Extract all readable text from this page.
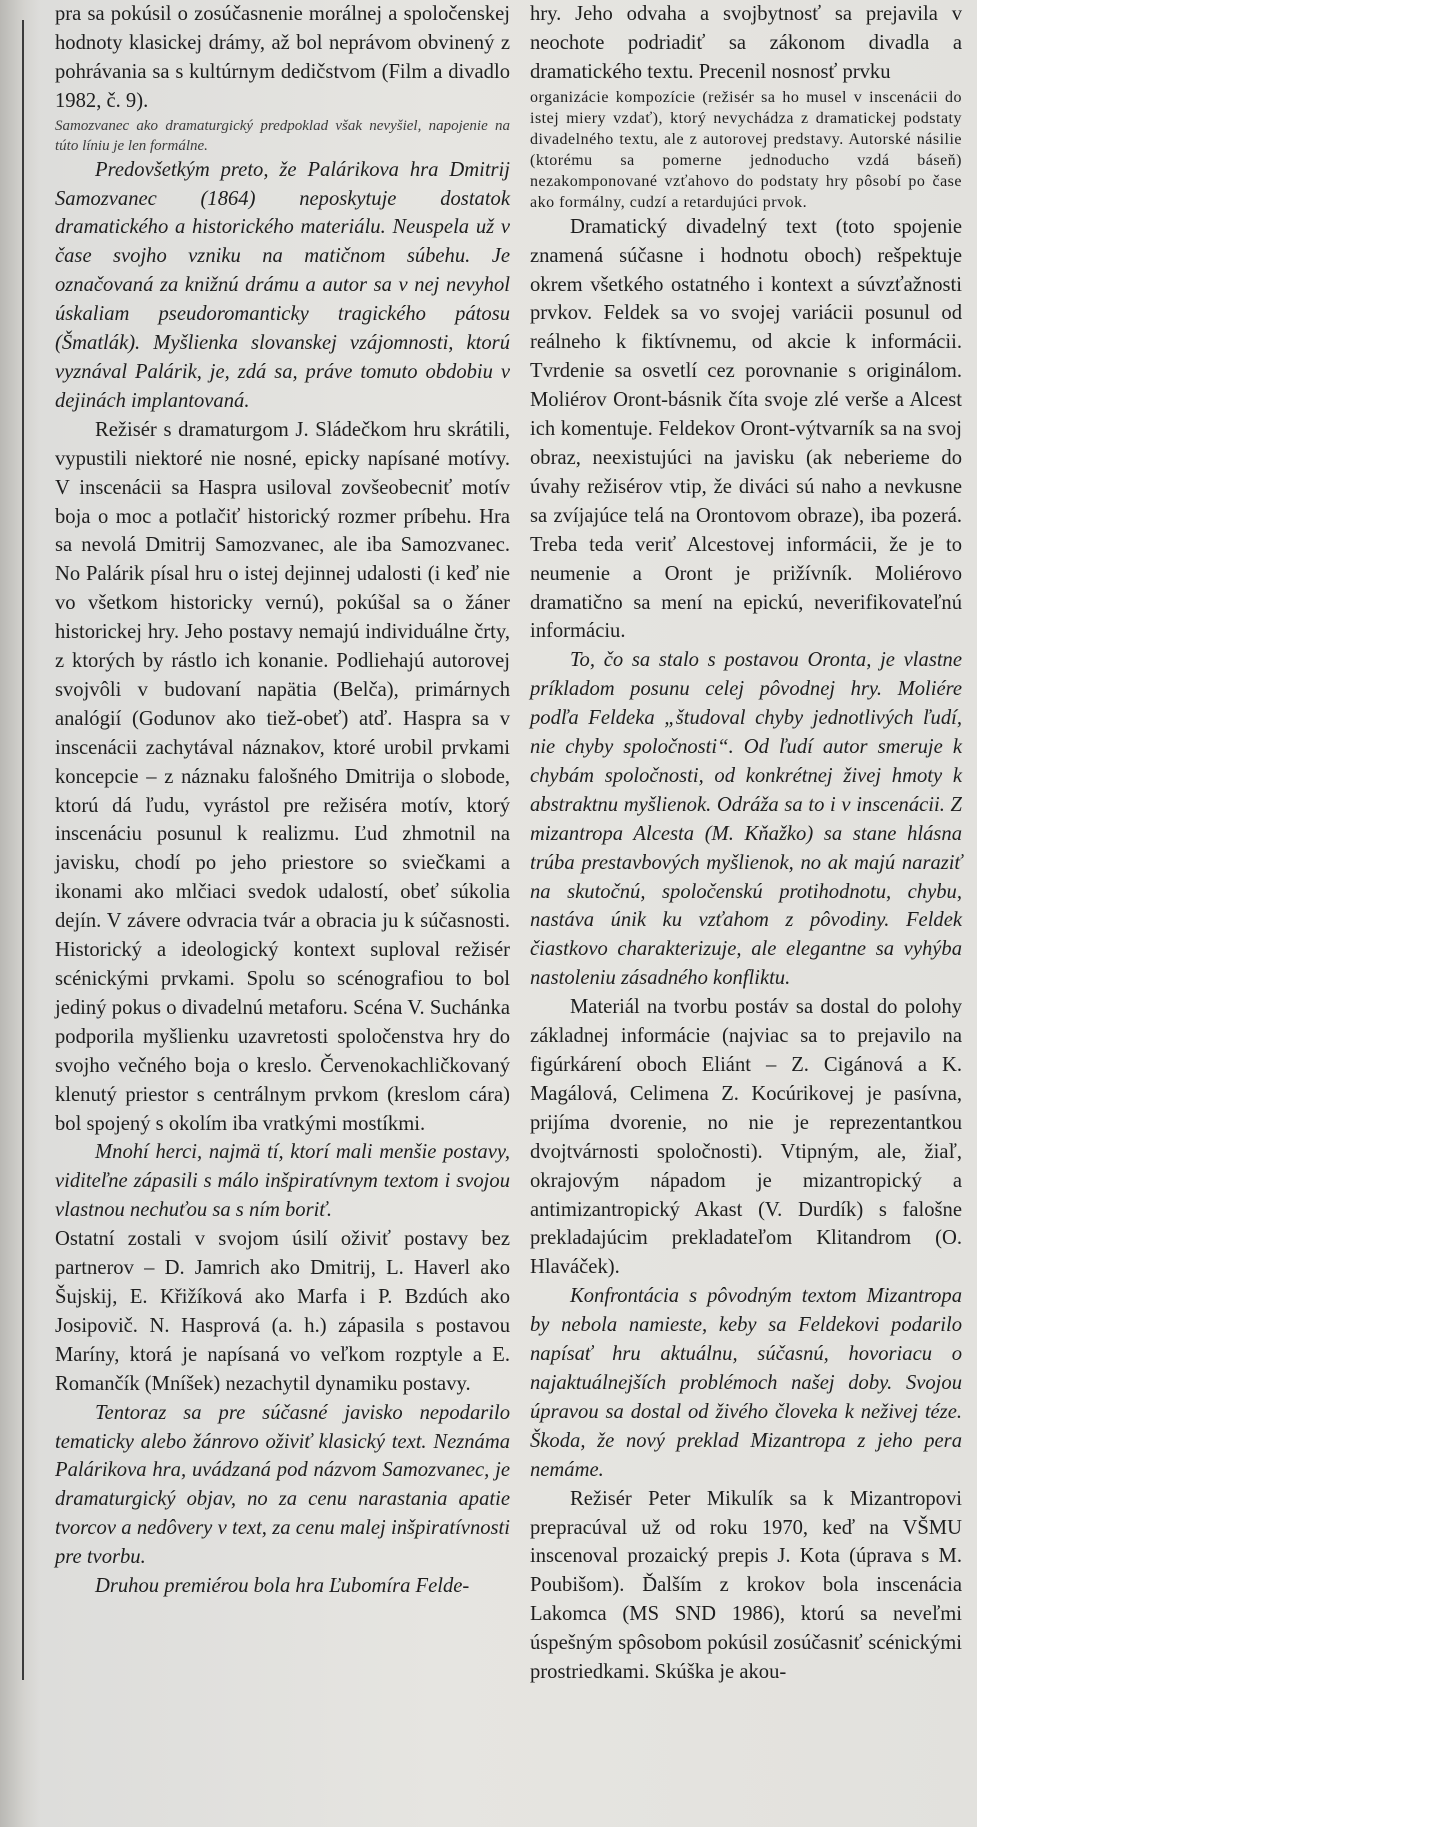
pra sa pokúsil o zosúčasnenie morálnej a spoločenskej hodnoty klasickej drámy, až bol neprávom obvinený z pohrávania sa s kultúrnym dedičstvom (Film a divadlo 1982, č. 9).

Samozvanec ako dramaturgický predpoklad však nevyšiel, napojenie na túto líniu je len formálne.

Predovšetkým preto, že Palárikova hra Dmitrij Samozvanec (1864) neposkytuje dostatok dramatického a historického materiálu. Neuspela už v čase svojho vzniku na matičnom súbehu. Je označovaná za knižnú drámu a autor sa v nej nevyhol úskaliam pseudoromanticky tragického pátosu (Šmatlák). Myšlienka slovanskej vzájomnosti, ktorú vyznával Palárik, je, zdá sa, práve tomuto obdobiu v dejinách implantovaná.

Režisér s dramaturgom J. Sládečkom hru skrátili, vypustili niektoré nie nosné, epicky napísané motívy. V inscenácii sa Haspra usiloval zovšeobecniť motív boja o moc a potlačiť historický rozmer príbehu. Hra sa nevolá Dmitrij Samozvanec, ale iba Samozvanec. No Palárik písal hru o istej dejinnej udalosti (i keď nie vo všetkom historicky vernú), pokúšal sa o žáner historickej hry. Jeho postavy nemajú individuálne črty, z ktorých by rástlo ich konanie. Podliehajú autorovej svojvôli v budovaní napätia (Belča), primárnych analógií (Godunov ako tiež-obeť) atď. Haspra sa v inscenácii zachytával náznakov, ktoré urobil prvkami koncepcie – z náznaku falošného Dmitrija o slobode, ktorú dá ľudu, vyrástol pre režiséra motív, ktorý inscenáciu posunul k realizmu. Ľud zhmotnil na javisku, chodí po jeho priestore so sviečkami a ikonami ako mlčiaci svedok udalostí, obeť súkolia dejín. V závere odvracia tvár a obracia ju k súčasnosti. Historický a ideologický kontext suploval režisér scénickými prvkami. Spolu so scénografiou to bol jediný pokus o divadelnú metaforu. Scéna V. Suchánka podporila myšlienku uzavretosti spoločenstva hry do svojho večného boja o kreslo. Červenokachličkovaný klenutý priestor s centrálnym prvkom (kreslom cára) bol spojený s okolím iba vratkými mostíkmi.

Mnohí herci, najmä tí, ktorí mali menšie postavy, viditeľne zápasili s málo inšpiratívnym textom i svojou vlastnou nechuťou sa s ním boriť.

Ostatní zostali v svojom úsilí oživiť postavy bez partnerov – D. Jamrich ako Dmitrij, L. Haverl ako Šujskij, E. Křižíková ako Marfa i P. Bzdúch ako Josipovič. N. Hasprová (a. h.) zápasila s postavou Maríny, ktorá je napísaná vo veľkom rozptyle a E. Romančík (Mníšek) nezachytil dynamiku postavy.

Tentoraz sa pre súčasné javisko nepodarilo tematicky alebo žánrovo oživiť klasický text. Neznáma Palárikova hra, uvádzaná pod názvom Samozvanec, je dramaturgický objav, no za cenu narastania apatie tvorcov a nedôvery v text, za cenu malej inšpiratívnosti pre tvorbu.

Druhou premiérou bola hra Ľubomíra Felde-

hry. Jeho odvaha a svojbytnosť sa prejavila v neochote podriadiť sa zákonom divadla a dramatického textu. Precenil nosnosť prvku

organizácie kompozície (režisér sa ho musel v inscenácii do istej miery vzdať), ktorý nevychádza z dramatickej podstaty divadelného textu, ale z autorovej predstavy. Autorské násilie (ktorému sa pomerne jednoducho vzdá báseň) nezakomponované vzťahovo do podstaty hry pôsobí po čase ako formálny, cudzí a retardujúci prvok.

Dramatický divadelný text (toto spojenie znamená súčasne i hodnotu oboch) rešpektuje okrem všetkého ostatného i kontext a súvzťažnosti prvkov. Feldek sa vo svojej variácii posunul od reálneho k fiktívnemu, od akcie k informácii. Tvrdenie sa osvetlí cez porovnanie s originálom. Moliérov Oront-básnik číta svoje zlé verše a Alcest ich komentuje. Feldekov Oront-výtvarník sa na svoj obraz, neexistujúci na javisku (ak neberieme do úvahy režisérov vtip, že diváci sú naho a nevkusne sa zvíjajúce telá na Orontovom obraze), iba pozerá. Treba teda veriť Alcestovej informácii, že je to neumenie a Oront je prižívník. Moliérovo dramatično sa mení na epickú, neverifikovateľnú informáciu.

To, čo sa stalo s postavou Oronta, je vlastne príkladom posunu celej pôvodnej hry. Moliére podľa Feldeka „študoval chyby jednotlivých ľudí, nie chyby spoločnosti“. Od ľudí autor smeruje k chybám spoločnosti, od konkrétnej živej hmoty k abstraktnu myšlienok. Odráža sa to i v inscenácii. Z mizantropa Alcesta (M. Kňažko) sa stane hlásna trúba prestavbových myšlienok, no ak majú naraziť na skutočnú, spoločenskú protihodnotu, chybu, nastáva únik ku vzťahom z pôvodiny. Feldek čiastkovo charakterizuje, ale elegantne sa vyhýba nastoleniu zásadného konfliktu.

Materiál na tvorbu postáv sa dostal do polohy základnej informácie (najviac sa to prejavilo na figúrkárení oboch Eliánt – Z. Cigánová a K. Magálová, Celimena Z. Kocúrikovej je pasívna, prijíma dvorenie, no nie je reprezentantkou dvojtvárnosti spoločnosti). Vtipným, ale, žiaľ, okrajovým nápadom je mizantropický a antimizantropický Akast (V. Durdík) s falošne prekladajúcim prekladateľom Klitandrom (O. Hlaváček).

Konfrontácia s pôvodným textom Mizantropa by nebola namieste, keby sa Feldekovi podarilo napísať hru aktuálnu, súčasnú, hovoriacu o najaktuálnejších problémoch našej doby. Svojou úpravou sa dostal od živého človeka k neživej téze. Škoda, že nový preklad Mizantropa z jeho pera nemáme.

Režisér Peter Mikulík sa k Mizantropovi prepracúval už od roku 1970, keď na VŠMU inscenoval prozaický prepis J. Kota (úprava s M. Poubišom). Ďalším z krokov bola inscenácia Lakomca (MS SND 1986), ktorú sa neveľmi úspešným spôsobom pokúsil zosúčasniť scénickými prostriedkami. Skúška je akou-
